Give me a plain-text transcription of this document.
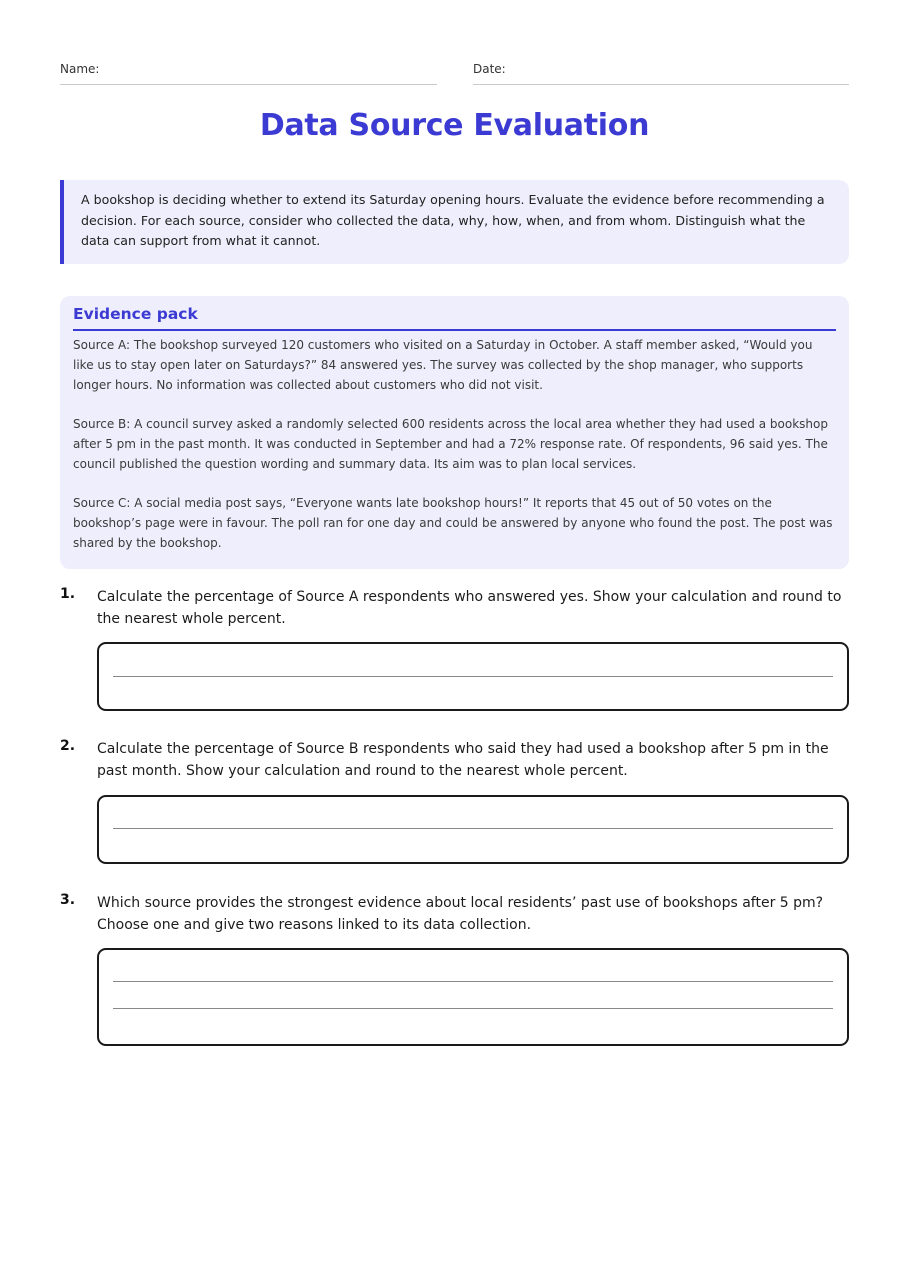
Name:	Date:
Data Source Evaluation
A bookshop is deciding whether to extend its Saturday opening hours. Evaluate the evidence before recommending a decision. For each source, consider who collected the data, why, how, when, and from whom. Distinguish what the data can support from what it cannot.
Evidence pack

Source A: The bookshop surveyed 120 customers who visited on a Saturday in October. A staff member asked, “Would you like us to stay open later on Saturdays?” 84 answered yes. The survey was collected by the shop manager, who supports longer hours. No information was collected about customers who did not visit.

Source B: A council survey asked a randomly selected 600 residents across the local area whether they had used a bookshop after 5 pm in the past month. It was conducted in September and had a 72% response rate. Of respondents, 96 said yes. The council published the question wording and summary data. Its aim was to plan local services.

Source C: A social media post says, “Everyone wants late bookshop hours!” It reports that 45 out of 50 votes on the bookshop’s page were in favour. The poll ran for one day and could be answered by anyone who found the post. The post was shared by the bookshop.

1. Calculate the percentage of Source A respondents who answered yes. Show your calculation and round to the nearest whole percent.
2. Calculate the percentage of Source B respondents who said they had used a bookshop after 5 pm in the past month. Show your calculation and round to the nearest whole percent.
3. Which source provides the strongest evidence about local residents’ past use of bookshops after 5 pm? Choose one and give two reasons linked to its data collection.
